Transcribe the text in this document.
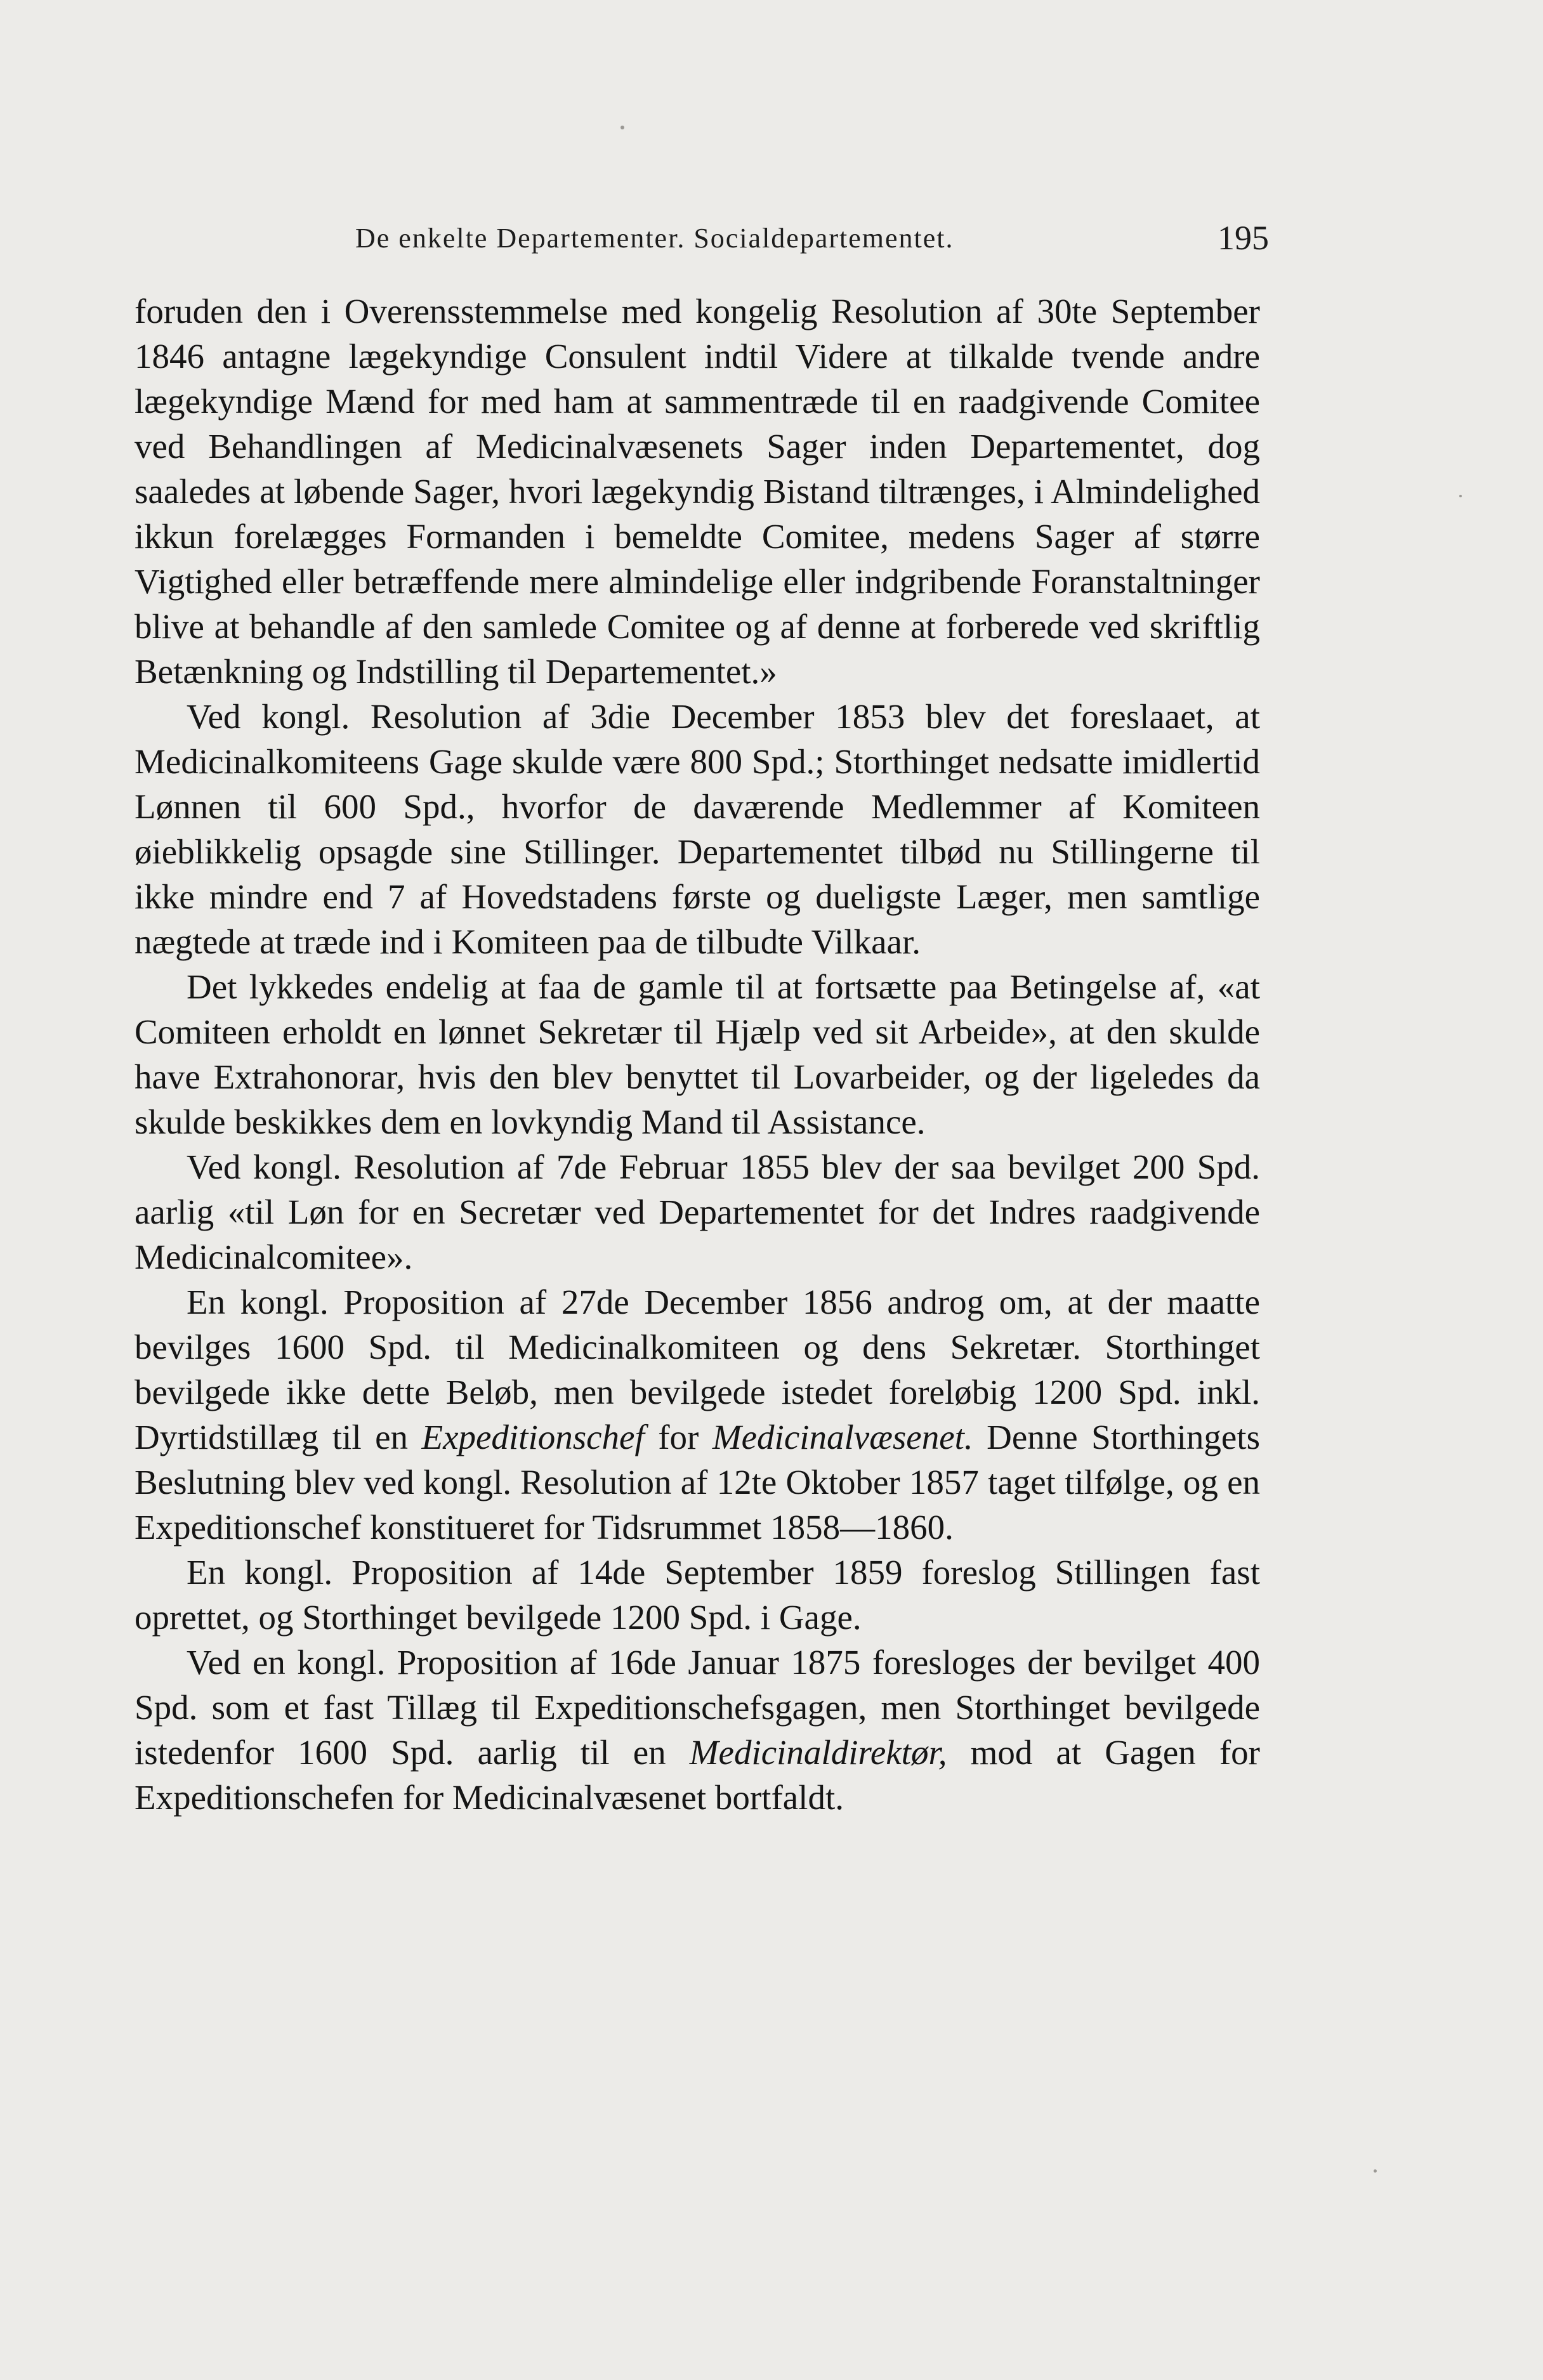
De enkelte Departementer. Socialdepartementet.	195

foruden den i Overensstemmelse med kongelig Resolution af 30te September 1846 antagne lægekyndige Consulent indtil Videre at tilkalde tvende andre lægekyndige Mænd for med ham at sammentræde til en raadgivende Comitee ved Behandlingen af Medicinalvæsenets Sager inden Departementet, dog saaledes at løbende Sager, hvori lægekyndig Bistand tiltrænges, i Almindelighed ikkun forelægges Formanden i bemeldte Comitee, medens Sager af større Vigtighed eller betræffende mere almindelige eller indgribende Foranstaltninger blive at behandle af den samlede Comitee og af denne at forberede ved skriftlig Betænkning og Indstilling til Departementet.»

Ved kongl. Resolution af 3die December 1853 blev det foreslaaet, at Medicinalkomiteens Gage skulde være 800 Spd.; Storthinget nedsatte imidlertid Lønnen til 600 Spd., hvorfor de daværende Medlemmer af Komiteen øieblikkelig opsagde sine Stillinger. Departementet tilbød nu Stillingerne til ikke mindre end 7 af Hovedstadens første og dueligste Læger, men samtlige nægtede at træde ind i Komiteen paa de tilbudte Vilkaar.

Det lykkedes endelig at faa de gamle til at fortsætte paa Betingelse af, «at Comiteen erholdt en lønnet Sekretær til Hjælp ved sit Arbeide», at den skulde have Extrahonorar, hvis den blev benyttet til Lovarbeider, og der ligeledes da skulde beskikkes dem en lovkyndig Mand til Assistance.

Ved kongl. Resolution af 7de Februar 1855 blev der saa bevilget 200 Spd. aarlig «til Løn for en Secretær ved Departementet for det Indres raadgivende Medicinalcomitee».

En kongl. Proposition af 27de December 1856 androg om, at der maatte bevilges 1600 Spd. til Medicinalkomiteen og dens Sekretær. Storthinget bevilgede ikke dette Beløb, men bevilgede istedet foreløbig 1200 Spd. inkl. Dyrtidstillæg til en Expeditionschef for Medicinalvæsenet. Denne Storthingets Beslutning blev ved kongl. Resolution af 12te Oktober 1857 taget tilfølge, og en Expeditionschef konstitueret for Tidsrummet 1858—1860.

En kongl. Proposition af 14de September 1859 foreslog Stillingen fast oprettet, og Storthinget bevilgede 1200 Spd. i Gage.

Ved en kongl. Proposition af 16de Januar 1875 foresloges der bevilget 400 Spd. som et fast Tillæg til Expeditionschefsgagen, men Storthinget bevilgede istedenfor 1600 Spd. aarlig til en Medicinaldirektør, mod at Gagen for Expeditionschefen for Medicinalvæsenet bortfaldt.
